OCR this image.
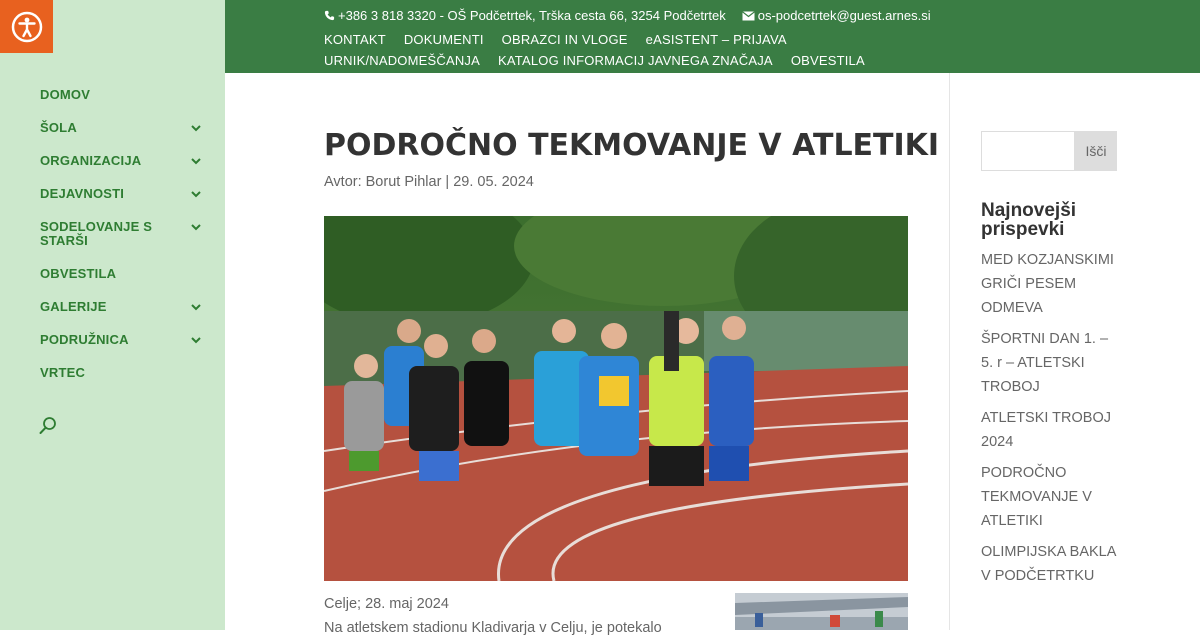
DOMOV
ŠOLA
ORGANIZACIJA
DEJAVNOSTI
SODELOVANJE S STARŠI
OBVESTILA
GALERIJE
PODRUŽNICA
VRTEC
+386 3 818 3320 - OŠ Podčetrtek, Trška cesta 66, 3254 Podčetrtek os-podcetrtek@guest.arnes.si
KONTAKT DOKUMENTI OBRAZCI IN VLOGE eASISTENT – PRIJAVA
URNIK/NADOMEŠČANJA KATALOG INFORMACIJ JAVNEGA ZNAČAJA OBVESTILA
PODROČNO TEKMOVANJE V ATLETIKI
Avtor: Borut Pihlar | 29. 05. 2024
Celje; 28. maj 2024
Na atletskem stadionu Kladivarja v Celju, je potekalo
Išči
Najnovejši prispevki
MED KOZJANSKIMI GRIČI PESEM ODMEVA
ŠPORTNI DAN 1. – 5. r – ATLETSKI TROBOJ
ATLETSKI TROBOJ 2024
PODROČNO TEKMOVANJE V ATLETIKI
OLIMPIJSKA BAKLA V PODČETRTKU
